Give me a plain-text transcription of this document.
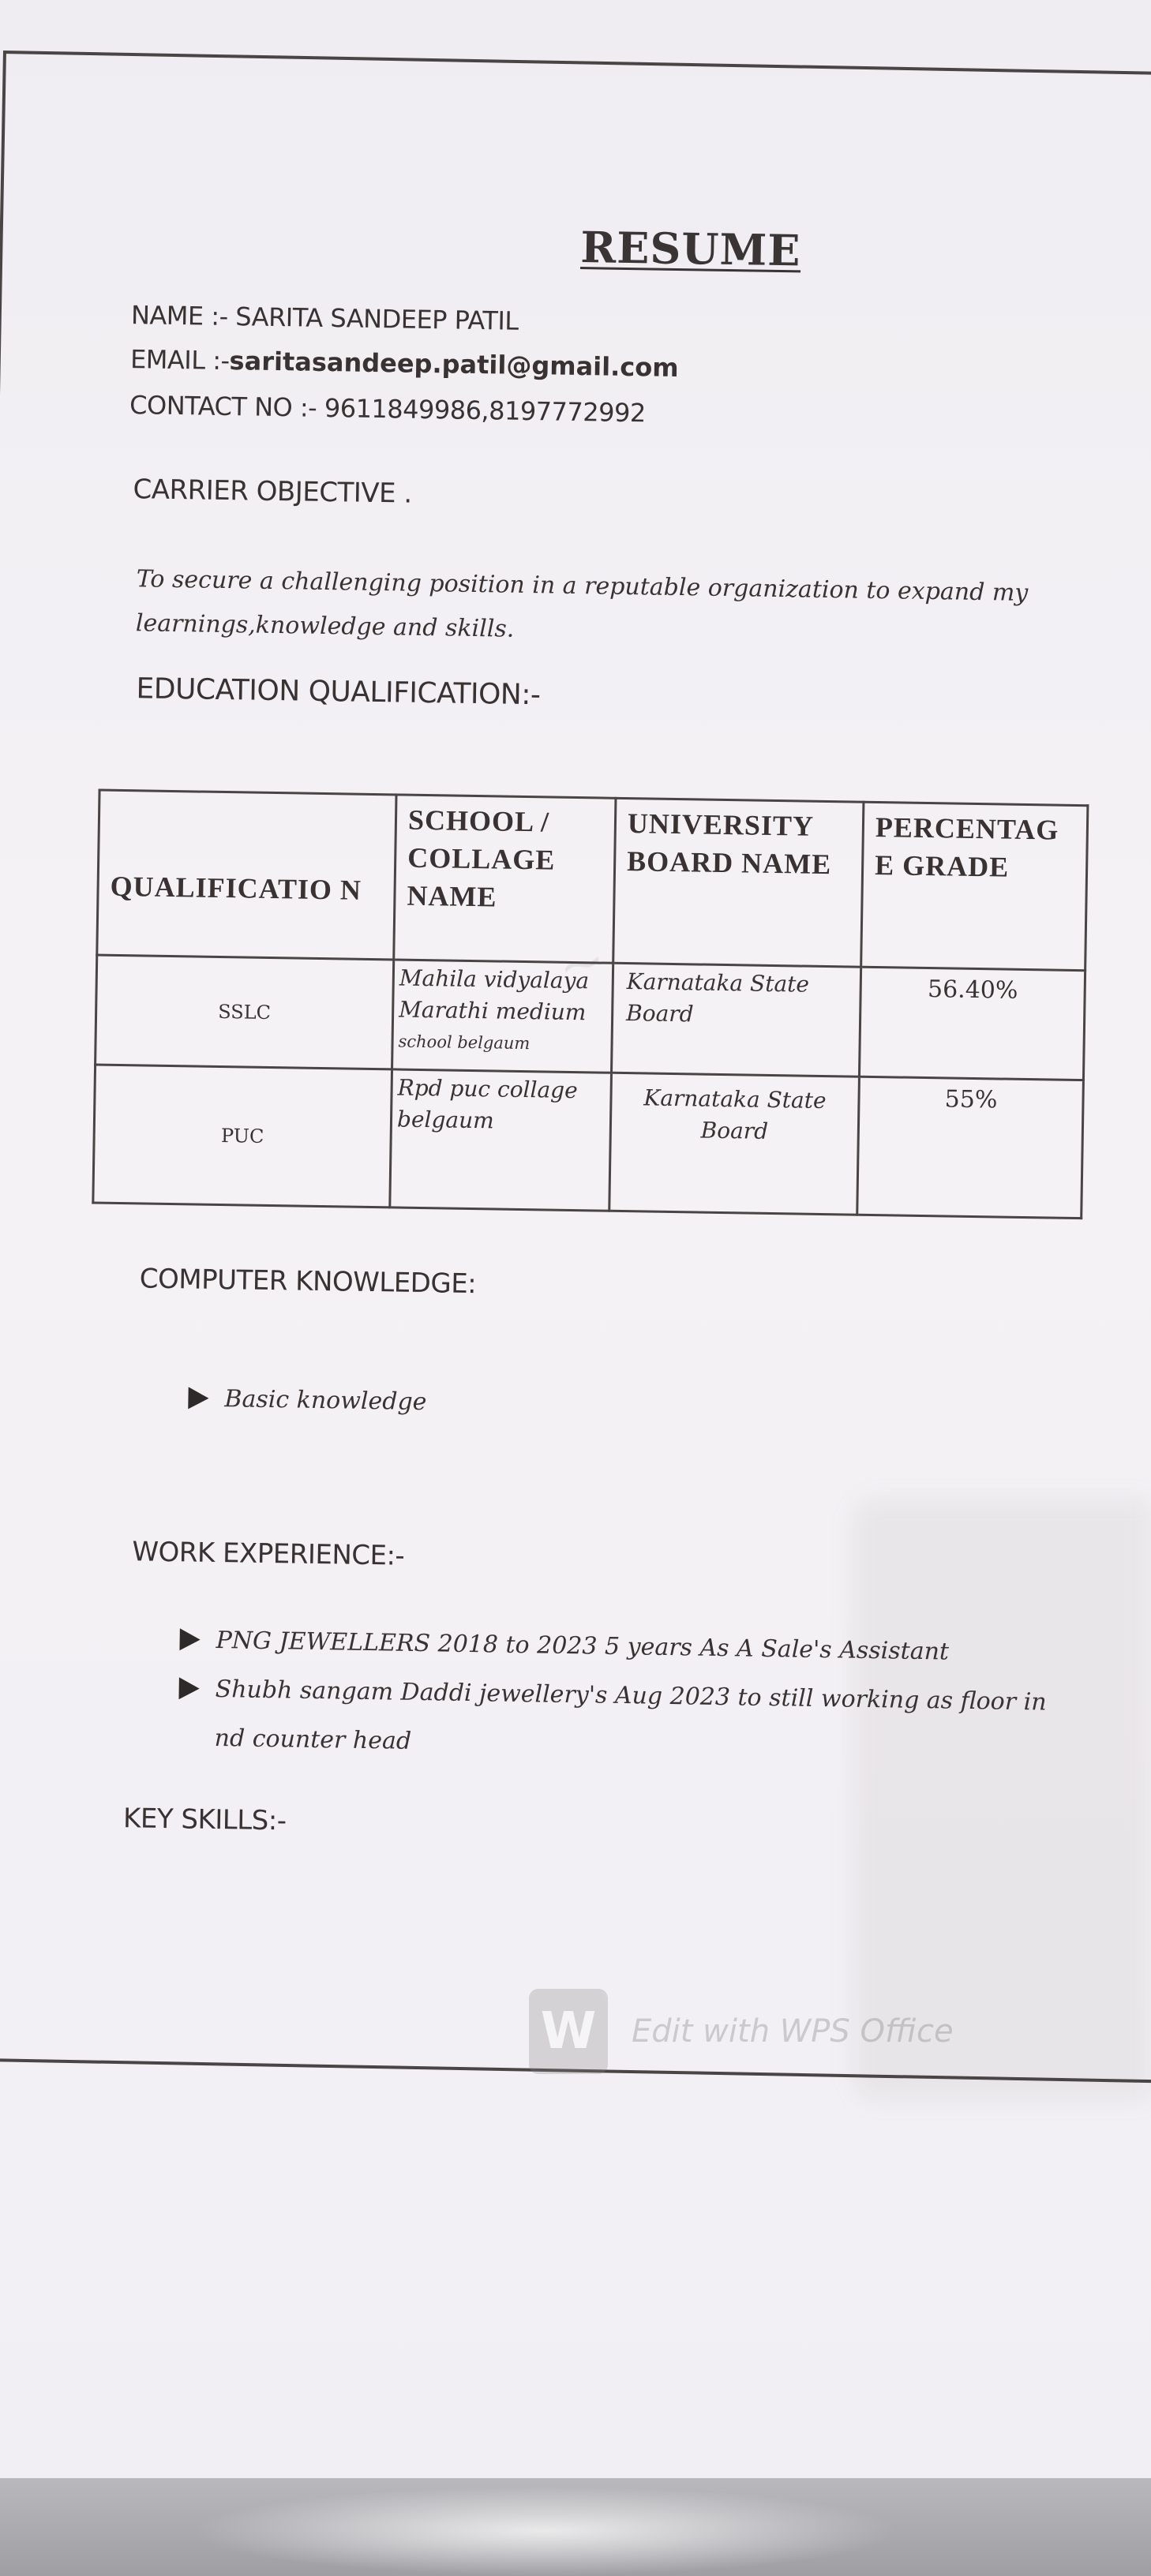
RESUME
NAME :- SARITA SANDEEP PATIL
EMAIL :-saritasandeep.patil@gmail.com
CONTACT NO :- 9611849986,8197772992
CARRIER OBJECTIVE .
To secure a challenging position in a reputable organization to expand my learnings,knowledge and skills.
EDUCATION QUALIFICATION:-
~
QUALIFICATIO N	SCHOOL / COLLAGE NAME	UNIVERSITY BOARD NAME	PERCENTAG E GRADE
SSLC	Mahila vidyalaya
Marathi medium
school belgaum	Karnataka State Board	56.40%
PUC	Rpd puc collage
belgaum	Karnataka State Board	55%
COMPUTER KNOWLEDGE:
Basic knowledge
WORK EXPERIENCE:-
PNG JEWELLERS 2018 to 2023 5 years As A Sale's Assistant
Shubh sangam Daddi jewellery's Aug 2023 to still working as floor in
nd counter head
KEY SKILLS:-
W	Edit with WPS Office
